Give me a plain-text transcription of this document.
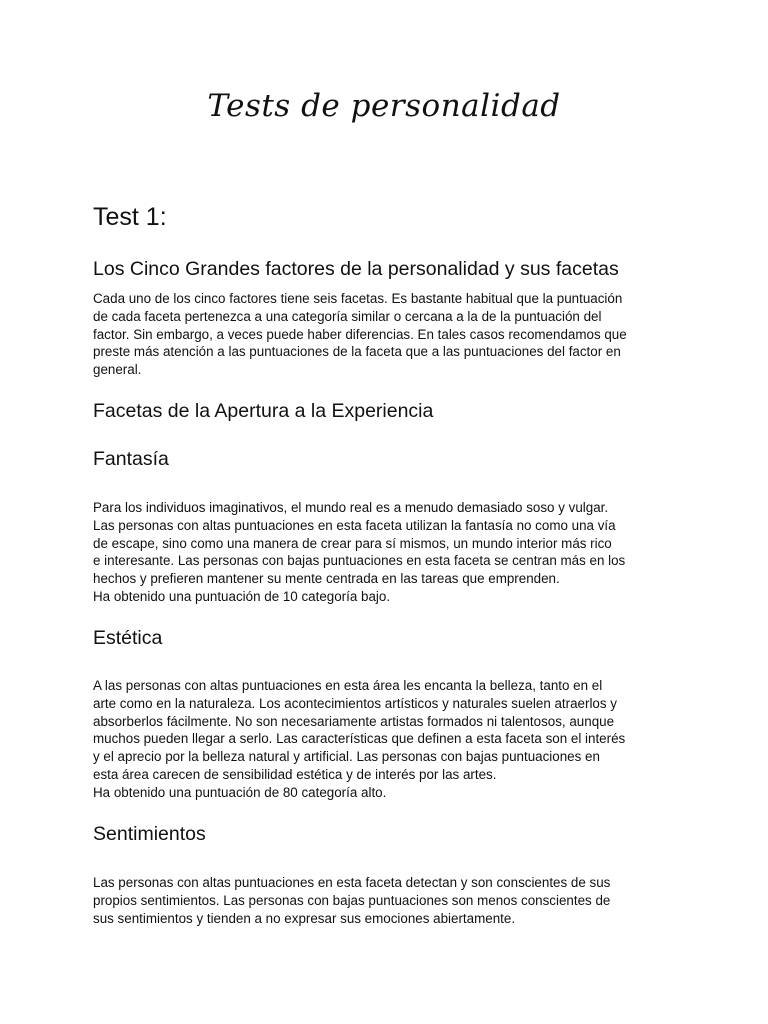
Tests de personalidad
Test 1:
Los Cinco Grandes factores de la personalidad y sus facetas

Cada uno de los cinco factores tiene seis facetas. Es bastante habitual que la puntuación
de cada faceta pertenezca a una categoría similar o cercana a la de la puntuación del
factor. Sin embargo, a veces puede haber diferencias. En tales casos recomendamos que
preste más atención a las puntuaciones de la faceta que a las puntuaciones del factor en
general.

Facetas de la Apertura a la Experiencia
Fantasía

Para los individuos imaginativos, el mundo real es a menudo demasiado soso y vulgar.
Las personas con altas puntuaciones en esta faceta utilizan la fantasía no como una vía
de escape, sino como una manera de crear para sí mismos, un mundo interior más rico
e interesante. Las personas con bajas puntuaciones en esta faceta se centran más en los
hechos y prefieren mantener su mente centrada en las tareas que emprenden.
Ha obtenido una puntuación de 10 categoría bajo.

Estética

A las personas con altas puntuaciones en esta área les encanta la belleza, tanto en el
arte como en la naturaleza. Los acontecimientos artísticos y naturales suelen atraerlos y
absorberlos fácilmente. No son necesariamente artistas formados ni talentosos, aunque
muchos pueden llegar a serlo. Las características que definen a esta faceta son el interés
y el aprecio por la belleza natural y artificial. Las personas con bajas puntuaciones en
esta área carecen de sensibilidad estética y de interés por las artes.
Ha obtenido una puntuación de 80 categoría alto.

Sentimientos

Las personas con altas puntuaciones en esta faceta detectan y son conscientes de sus
propios sentimientos. Las personas con bajas puntuaciones son menos conscientes de
sus sentimientos y tienden a no expresar sus emociones abiertamente.
